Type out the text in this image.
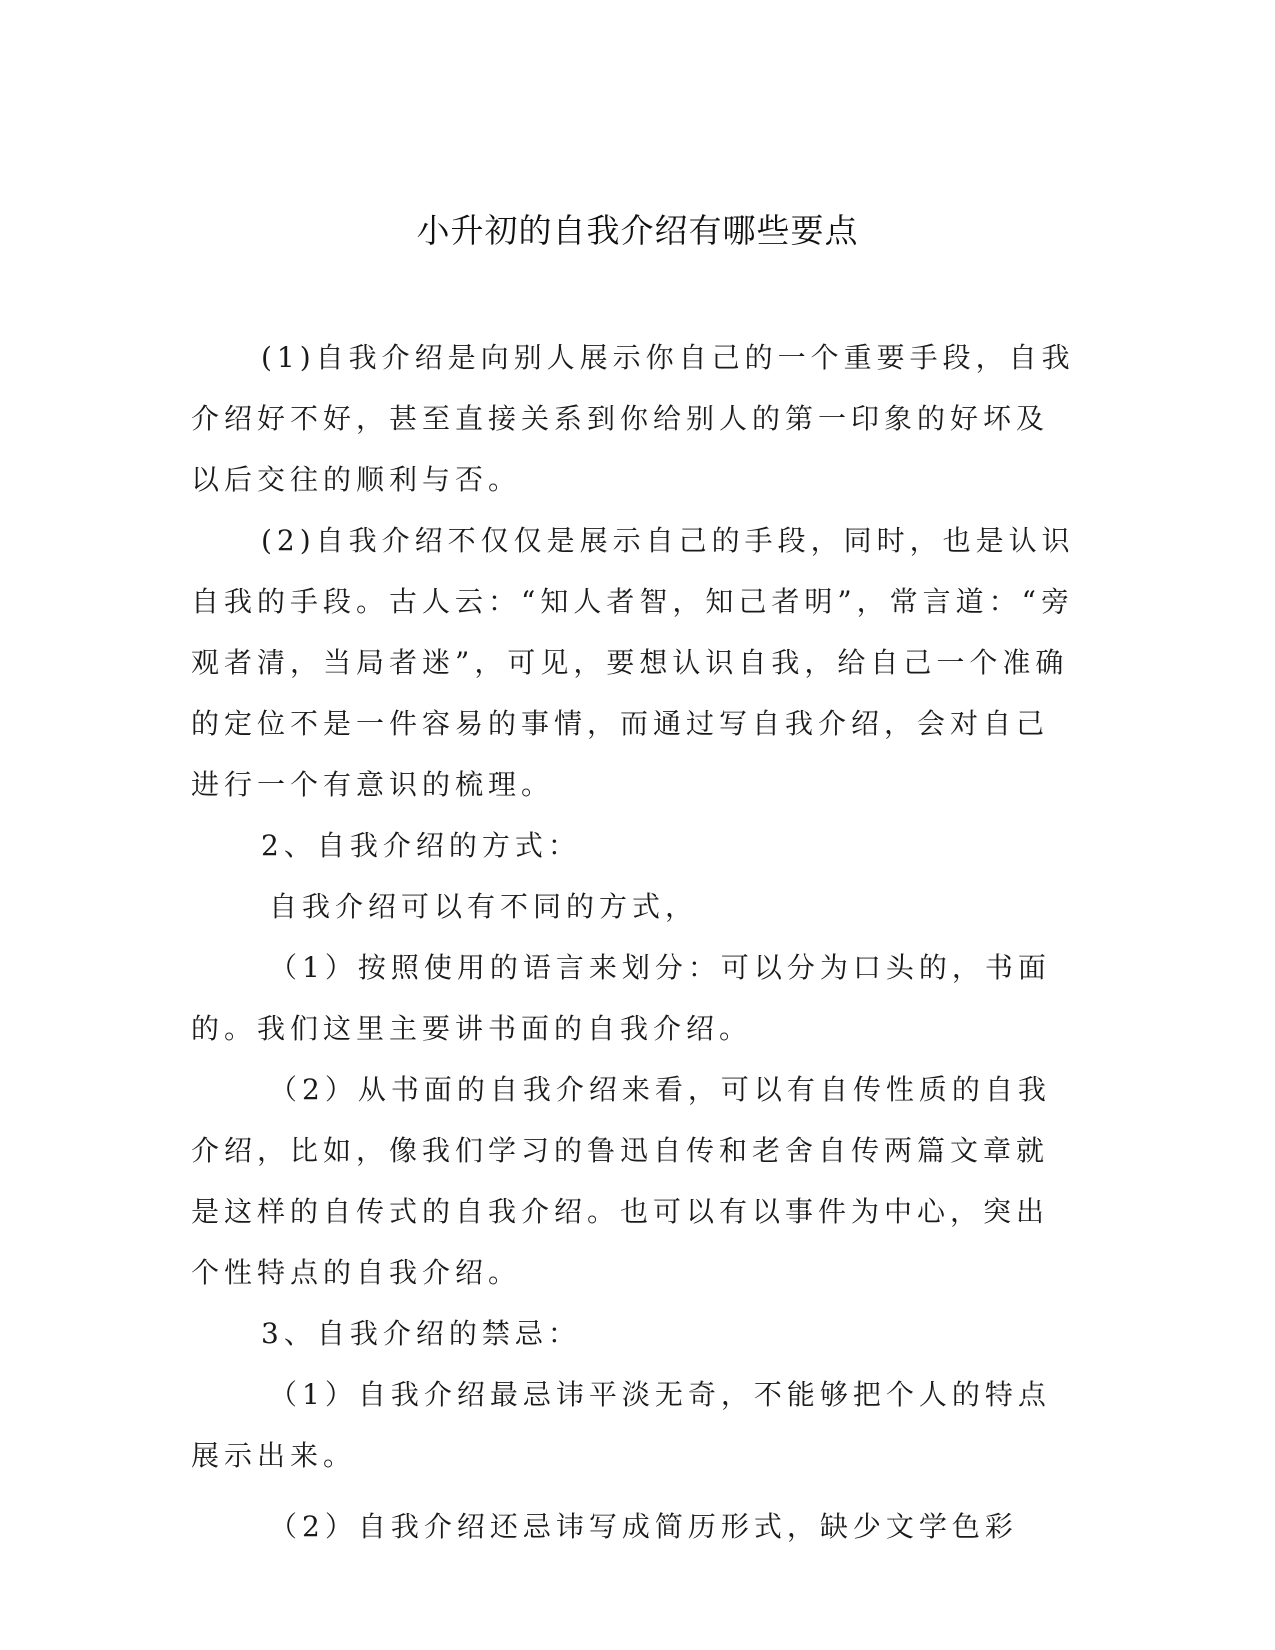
小升初的自我介绍有哪些要点

(1)自我介绍是向别人展示你自己的一个重要手段，自我介绍好不好，甚至直接关系到你给别人的第一印象的好坏及以后交往的顺利与否。

(2)自我介绍不仅仅是展示自己的手段，同时，也是认识自我的手段。古人云：“知人者智，知己者明”，常言道：“旁观者清，当局者迷”，可见，要想认识自我，给自己一个准确的定位不是一件容易的事情，而通过写自我介绍，会对自己进行一个有意识的梳理。

2、自我介绍的方式：

自我介绍可以有不同的方式，

（1）按照使用的语言来划分：可以分为口头的，书面的。我们这里主要讲书面的自我介绍。

（2）从书面的自我介绍来看，可以有自传性质的自我介绍，比如，像我们学习的鲁迅自传和老舍自传两篇文章就是这样的自传式的自我介绍。也可以有以事件为中心，突出个性特点的自我介绍。

3、自我介绍的禁忌：

（1）自我介绍最忌讳平淡无奇，不能够把个人的特点展示出来。

（2）自我介绍还忌讳写成简历形式，缺少文学色彩
